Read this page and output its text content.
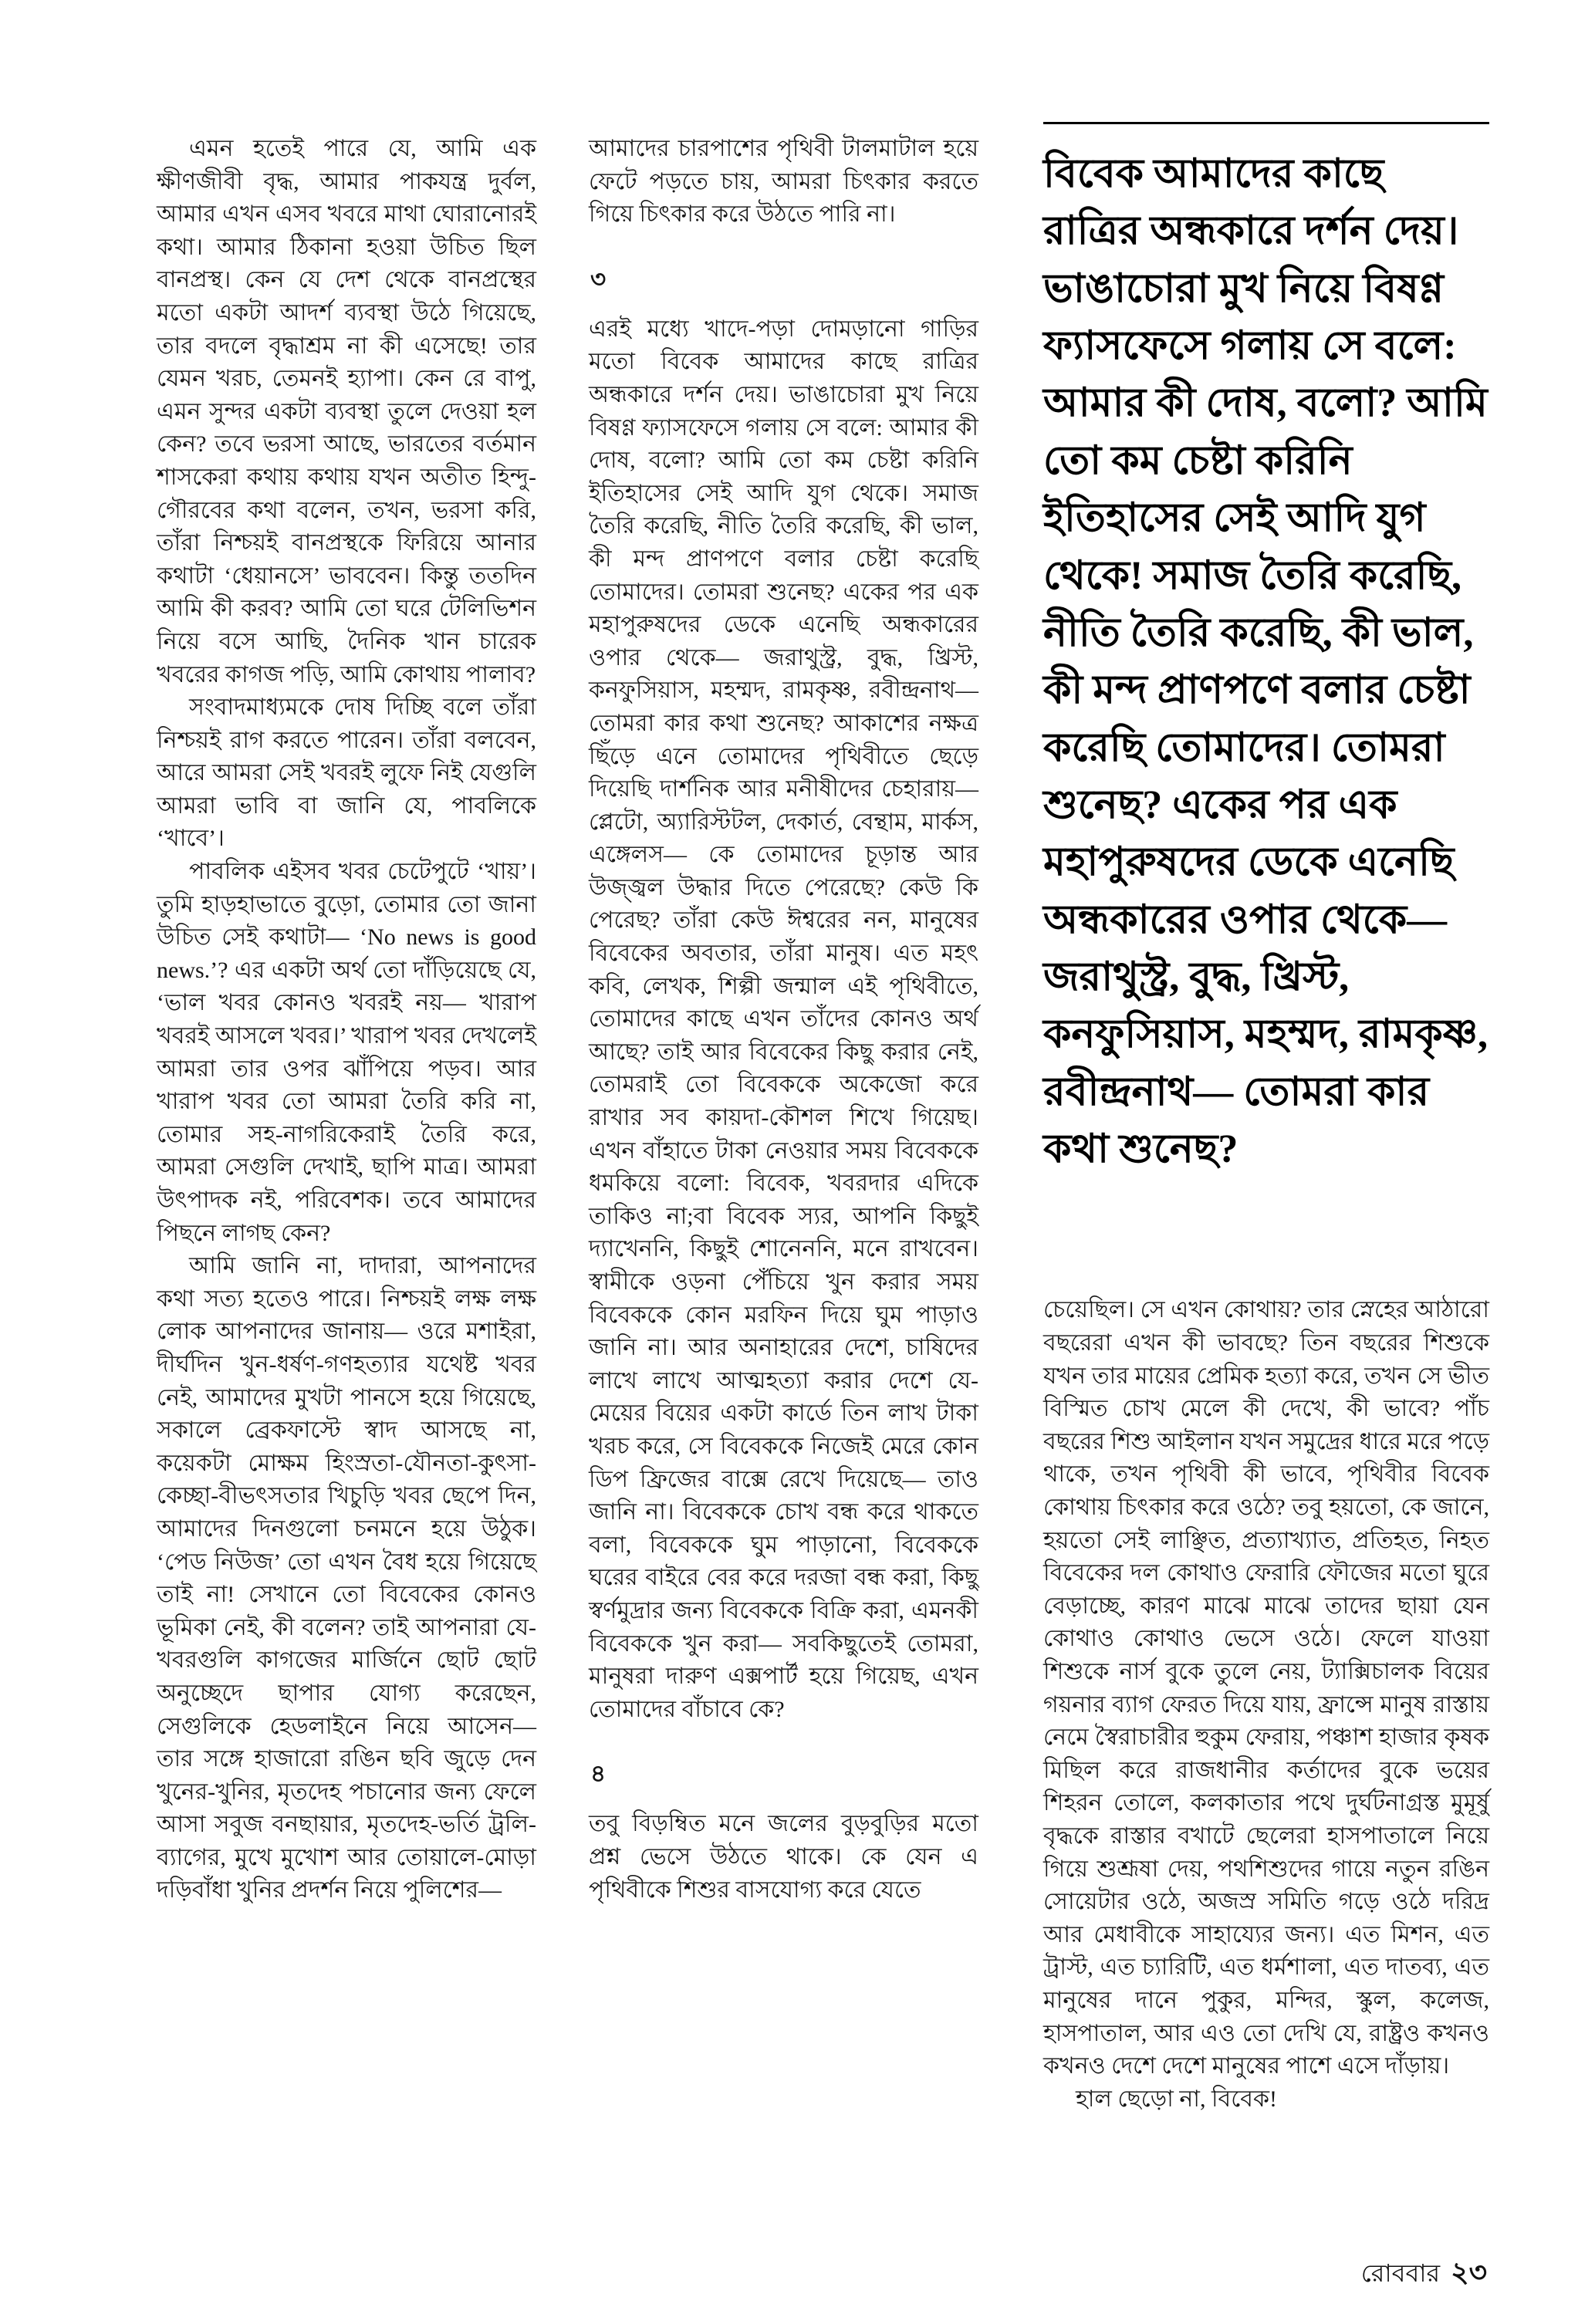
এমন হতেই পারে যে, আমি এক ক্ষীণজীবী বৃদ্ধ, আমার পাকযন্ত্র দুর্বল, আমার এখন এসব খবরে মাথা ঘোরানোরই কথা। আমার ঠিকানা হওয়া উচিত ছিল বানপ্রস্থ। কেন যে দেশ থেকে বানপ্রস্থের মতো একটা আদর্শ ব্যবস্থা উঠে গিয়েছে, তার বদলে বৃদ্ধাশ্রম না কী এসেছে! তার যেমন খরচ, তেমনই হ্যাপা। কেন রে বাপু, এমন সুন্দর একটা ব্যবস্থা তুলে দেওয়া হল কেন? তবে ভরসা আছে, ভারতের বর্তমান শাসকেরা কথায় কথায় যখন অতীত হিন্দু-গৌরবের কথা বলেন, তখন, ভরসা করি, তাঁরা নিশ্চয়ই বানপ্রস্থকে ফিরিয়ে আনার কথাটা ‘ধেয়ানসে’ ভাববেন। কিন্তু ততদিন আমি কী করব? আমি তো ঘরে টেলিভিশন নিয়ে বসে আছি, দৈনিক খান চারেক খবরের কাগজ পড়ি, আমি কোথায় পালাব?

সংবাদমাধ্যমকে দোষ দিচ্ছি বলে তাঁরা নিশ্চয়ই রাগ করতে পারেন। তাঁরা বলবেন, আরে আমরা সেই খবরই লুফে নিই যেগুলি আমরা ভাবি বা জানি যে, পাবলিকে ‘খাবে’।

পাবলিক এইসব খবর চেটেপুটে ‘খায়’। তুমি হাড়হাভাতে বুড়ো, তোমার তো জানা উচিত সেই কথাটা— ‘No news is good news.’? এর একটা অর্থ তো দাঁড়িয়েছে যে, ‘ভাল খবর কোনও খবরই নয়— খারাপ খবরই আসলে খবর।’ খারাপ খবর দেখলেই আমরা তার ওপর ঝাঁপিয়ে পড়ব। আর খারাপ খবর তো আমরা তৈরি করি না, তোমার সহ-নাগরিকেরাই তৈরি করে, আমরা সেগুলি দেখাই, ছাপি মাত্র। আমরা উৎপাদক নই, পরিবেশক। তবে আমাদের পিছনে লাগছ কেন?

আমি জানি না, দাদারা, আপনাদের কথা সত্য হতেও পারে। নিশ্চয়ই লক্ষ লক্ষ লোক আপনাদের জানায়— ওরে মশাইরা, দীর্ঘদিন খুন-ধর্ষণ-গণহত্যার যথেষ্ট খবর নেই, আমাদের মুখটা পানসে হয়ে গিয়েছে, সকালে ব্রেকফাস্টে স্বাদ আসছে না, কয়েকটা মোক্ষম হিংস্রতা-যৌনতা-কুৎসা-কেচ্ছা-বীভৎসতার খিচুড়ি খবর ছেপে দিন, আমাদের দিনগুলো চনমনে হয়ে উঠুক। ‘পেড নিউজ’ তো এখন বৈধ হয়ে গিয়েছে তাই না! সেখানে তো বিবেকের কোনও ভূমিকা নেই, কী বলেন? তাই আপনারা যে-খবরগুলি কাগজের মার্জিনে ছোট ছোট অনুচ্ছেদে ছাপার যোগ্য করেছেন, সেগুলিকে হেডলাইনে নিয়ে আসেন— তার সঙ্গে হাজারো রঙিন ছবি জুড়ে দেন খুনের-খুনির, মৃতদেহ পচানোর জন্য ফেলে আসা সবুজ বনছায়ার, মৃতদেহ-ভর্তি ট্রলি-ব্যাগের, মুখে মুখোশ আর তোয়ালে-মোড়া দড়িবাঁধা খুনির প্রদর্শন নিয়ে পুলিশের—

আমাদের চারপাশের পৃথিবী টালমাটাল হয়ে ফেটে পড়তে চায়, আমরা চিৎকার করতে গিয়ে চিৎকার করে উঠতে পারি না।

৩

এরই মধ্যে খাদে-পড়া দোমড়ানো গাড়ির মতো বিবেক আমাদের কাছে রাত্রির অন্ধকারে দর্শন দেয়। ভাঙাচোরা মুখ নিয়ে বিষণ্ণ ফ্যাসফেসে গলায় সে বলে: আমার কী দোষ, বলো? আমি তো কম চেষ্টা করিনি ইতিহাসের সেই আদি যুগ থেকে। সমাজ তৈরি করেছি, নীতি তৈরি করেছি, কী ভাল, কী মন্দ প্রাণপণে বলার চেষ্টা করেছি তোমাদের। তোমরা শুনেছ? একের পর এক মহাপুরুষদের ডেকে এনেছি অন্ধকারের ওপার থেকে— জরাথুস্ট্র, বুদ্ধ, খ্রিস্ট, কনফুসিয়াস, মহম্মদ, রামকৃষ্ণ, রবীন্দ্রনাথ— তোমরা কার কথা শুনেছ? আকাশের নক্ষত্র ছিঁড়ে এনে তোমাদের পৃথিবীতে ছেড়ে দিয়েছি দার্শনিক আর মনীষীদের চেহারায়— প্লেটো, অ্যারিস্টটল, দেকার্ত, বেন্থাম, মার্কস, এঙ্গেলস— কে তোমাদের চূড়ান্ত আর উজ্জ্বল উদ্ধার দিতে পেরেছে? কেউ কি পেরেছ? তাঁরা কেউ ঈশ্বরের নন, মানুষের বিবেকের অবতার, তাঁরা মানুষ। এত মহৎ কবি, লেখক, শিল্পী জন্মাল এই পৃথিবীতে, তোমাদের কাছে এখন তাঁদের কোনও অর্থ আছে? তাই আর বিবেকের কিছু করার নেই, তোমরাই তো বিবেককে অকেজো করে রাখার সব কায়দা-কৌশল শিখে গিয়েছ। এখন বাঁহাতে টাকা নেওয়ার সময় বিবেককে ধমকিয়ে বলো: বিবেক, খবরদার এদিকে তাকিও না;বা বিবেক স্যর, আপনি কিছুই দ্যাখেননি, কিছুই শোনেননি, মনে রাখবেন। স্বামীকে ওড়না পেঁচিয়ে খুন করার সময় বিবেককে কোন মরফিন দিয়ে ঘুম পাড়াও জানি না। আর অনাহারের দেশে, চাষিদের লাখে লাখে আত্মহত্যা করার দেশে যে-মেয়ের বিয়ের একটা কার্ডে তিন লাখ টাকা খরচ করে, সে বিবেককে নিজেই মেরে কোন ডিপ ফ্রিজের বাক্সে রেখে দিয়েছে— তাও জানি না। বিবেককে চোখ বন্ধ করে থাকতে বলা, বিবেককে ঘুম পাড়ানো, বিবেককে ঘরের বাইরে বের করে দরজা বন্ধ করা, কিছু স্বর্ণমুদ্রার জন্য বিবেককে বিক্রি করা, এমনকী বিবেককে খুন করা— সবকিছুতেই তোমরা, মানুষরা দারুণ এক্সপার্ট হয়ে গিয়েছ, এখন তোমাদের বাঁচাবে কে?

৪

তবু বিড়ম্বিত মনে জলের বুড়বুড়ির মতো প্রশ্ন ভেসে উঠতে থাকে। কে যেন এ পৃথিবীকে শিশুর বাসযোগ্য করে যেতে

বিবেক আমাদের কাছে রাত্রির অন্ধকারে দর্শন দেয়। ভাঙাচোরা মুখ নিয়ে বিষণ্ণ ফ্যাসফেসে গলায় সে বলে: আমার কী দোষ, বলো? আমি তো কম চেষ্টা করিনি ইতিহাসের সেই আদি যুগ থেকে! সমাজ তৈরি করেছি, নীতি তৈরি করেছি, কী ভাল, কী মন্দ প্রাণপণে বলার চেষ্টা করেছি তোমাদের। তোমরা শুনেছ? একের পর এক মহাপুরুষদের ডেকে এনেছি অন্ধকারের ওপার থেকে— জরাথুস্ট্র, বুদ্ধ, খ্রিস্ট, কনফুসিয়াস, মহম্মদ, রামকৃষ্ণ, রবীন্দ্রনাথ— তোমরা কার কথা শুনেছ?

চেয়েছিল। সে এখন কোথায়? তার স্নেহের আঠারো বছরেরা এখন কী ভাবছে? তিন বছরের শিশুকে যখন তার মায়ের প্রেমিক হত্যা করে, তখন সে ভীত বিস্মিত চোখ মেলে কী দেখে, কী ভাবে? পাঁচ বছরের শিশু আইলান যখন সমুদ্রের ধারে মরে পড়ে থাকে, তখন পৃথিবী কী ভাবে, পৃথিবীর বিবেক কোথায় চিৎকার করে ওঠে? তবু হয়তো, কে জানে, হয়তো সেই লাঞ্ছিত, প্রত্যাখ্যাত, প্রতিহত, নিহত বিবেকের দল কোথাও ফেরারি ফৌজের মতো ঘুরে বেড়াচ্ছে, কারণ মাঝে মাঝে তাদের ছায়া যেন কোথাও কোথাও ভেসে ওঠে। ফেলে যাওয়া শিশুকে নার্স বুকে তুলে নেয়, ট্যাক্সিচালক বিয়ের গয়নার ব্যাগ ফেরত দিয়ে যায়, ফ্রান্সে মানুষ রাস্তায় নেমে স্বৈরাচারীর হুকুম ফেরায়, পঞ্চাশ হাজার কৃষক মিছিল করে রাজধানীর কর্তাদের বুকে ভয়ের শিহরন তোলে, কলকাতার পথে দুর্ঘটনাগ্রস্ত মুমূর্ষু বৃদ্ধকে রাস্তার বখাটে ছেলেরা হাসপাতালে নিয়ে গিয়ে শুশ্রূষা দেয়, পথশিশুদের গায়ে নতুন রঙিন সোয়েটার ওঠে, অজস্র সমিতি গড়ে ওঠে দরিদ্র আর মেধাবীকে সাহায্যের জন্য। এত মিশন, এত ট্রাস্ট, এত চ্যারিটি, এত ধর্মশালা, এত দাতব্য, এত মানুষের দানে পুকুর, মন্দির, স্কুল, কলেজ, হাসপাতাল, আর এও তো দেখি যে, রাষ্ট্রও কখনও কখনও দেশে দেশে মানুষের পাশে এসে দাঁড়ায়।

হাল ছেড়ো না, বিবেক!

রোববার ২৩
